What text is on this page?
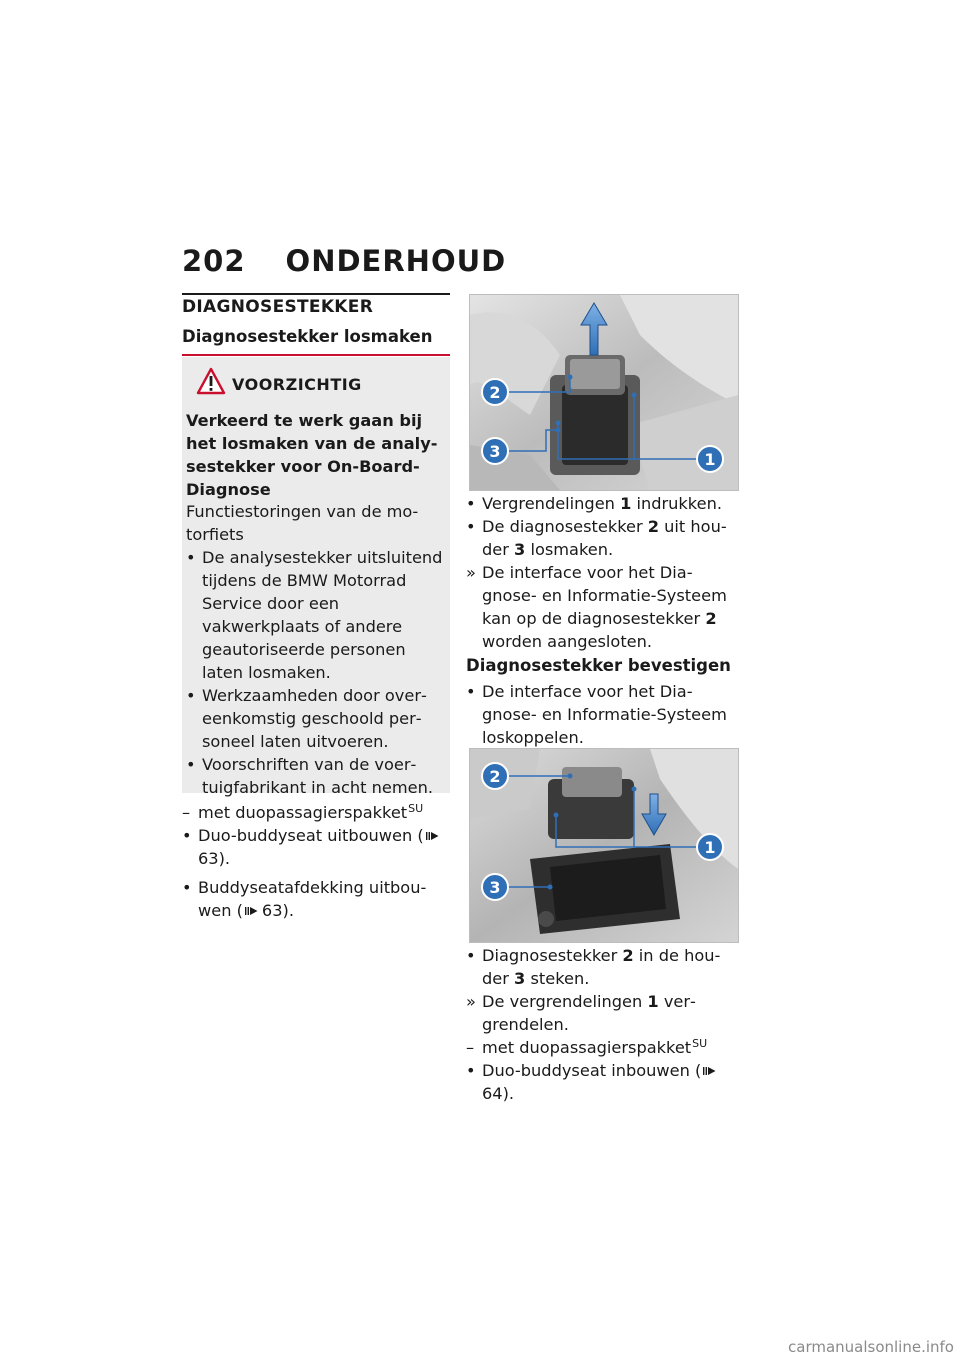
202 ONDERHOUD
DIAGNOSESTEKKER
Diagnosestekker losmaken
VOORZICHTIG
Verkeerd te werk gaan bij het losmaken van de analysestekker voor On-Board-Diagnose
Functiestoringen van de motorfiets
• De analysestekker uitsluitend tijdens de BMW Motorrad Service door een vakwerkplaats of andere geautoriseerde personen laten losmaken.
• Werkzaamheden door overeenkomstig geschoold personeel laten uitvoeren.
• Voorschriften van de voertuigfabrikant in acht nemen.
– met duopassagierspakket$^{SU}$
• Duo-buddyseat uitbouwen (63).
• Buddyseatafdekking uitbouwen ( 63).
2
3	1
• Vergrendelingen 1 indrukken.
• De diagnosestekker 2 uit houder 3 losmaken.
» De interface voor het Diagnose- en Informatie-Systeem kan op de diagnosestekker 2 worden aangesloten.
Diagnosestekker bevestigen
• De interface voor het Diagnose- en Informatie-Systeem loskoppelen.
2
1
3
• Diagnosestekker 2 in de houder 3 steken.
» De vergrendelingen 1 vergrendelen.
– met duopassagierspakket$^{SU}$
• Duo-buddyseat inbouwen (64).
carmanualsonline.info
